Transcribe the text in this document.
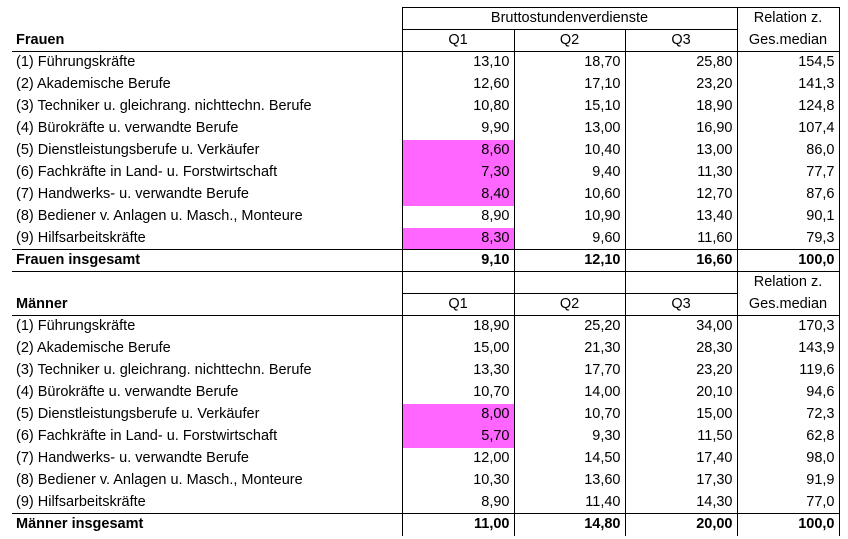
	Bruttostundenverdienste			Relation z.
Frauen	Q1	Q2	Q3	Ges.median
(1) Führungskräfte	13,10	18,70	25,80	154,5
(2) Akademische Berufe	12,60	17,10	23,20	141,3
(3) Techniker u. gleichrang. nichttechn. Berufe	10,80	15,10	18,90	124,8
(4) Bürokräfte u. verwandte Berufe	9,90	13,00	16,90	107,4
(5) Dienstleistungsberufe u. Verkäufer	8,60	10,40	13,00	86,0
(6) Fachkräfte in Land- u. Forstwirtschaft	7,30	9,40	11,30	77,7
(7) Handwerks- u. verwandte Berufe	8,40	10,60	12,70	87,6
(8) Bediener v. Anlagen u. Masch., Monteure	8,90	10,90	13,40	90,1
(9) Hilfsarbeitskräfte	8,30	9,60	11,60	79,3
Frauen insgesamt	9,10	12,10	16,60	100,0
				Relation z.
Männer	Q1	Q2	Q3	Ges.median
(1) Führungskräfte	18,90	25,20	34,00	170,3
(2) Akademische Berufe	15,00	21,30	28,30	143,9
(3) Techniker u. gleichrang. nichttechn. Berufe	13,30	17,70	23,20	119,6
(4) Bürokräfte u. verwandte Berufe	10,70	14,00	20,10	94,6
(5) Dienstleistungsberufe u. Verkäufer	8,00	10,70	15,00	72,3
(6) Fachkräfte in Land- u. Forstwirtschaft	5,70	9,30	11,50	62,8
(7) Handwerks- u. verwandte Berufe	12,00	14,50	17,40	98,0
(8) Bediener v. Anlagen u. Masch., Monteure	10,30	13,60	17,30	91,9
(9) Hilfsarbeitskräfte	8,90	11,40	14,30	77,0
Männer insgesamt	11,00	14,80	20,00	100,0
